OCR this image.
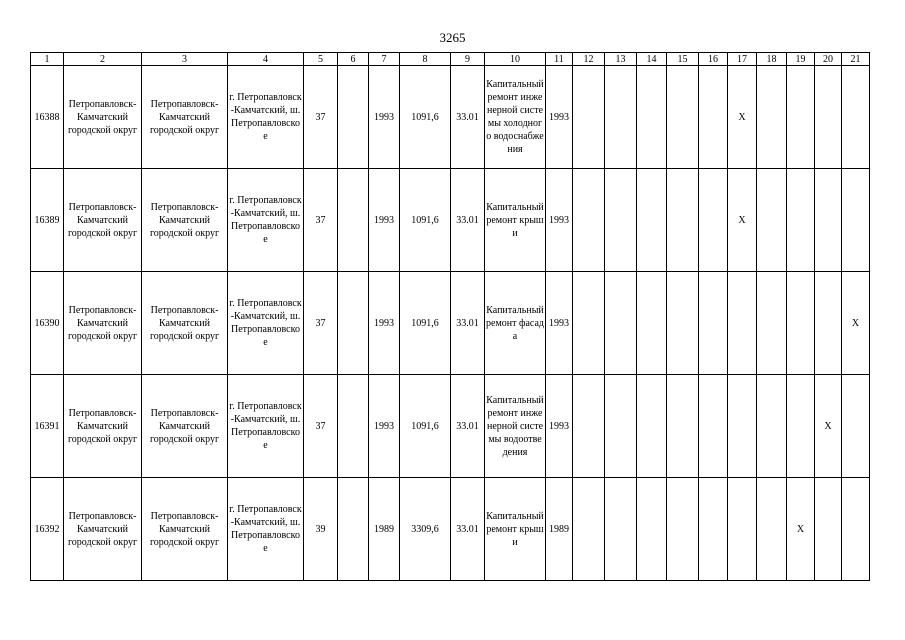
3265
1	2	3	4	5	6	7	8	9	10	11	12	13	14	15	16	17	18	19	20	21
16388	Петропавловск-Камчатский городской округ	Петропавловск-Камчатский городской округ	г. Петропавловск-Камчатский, ш. Петропавловское	37		1993	1091,6	33.01	Капитальный ремонт инженерной системы холодного водоснабжения	1993						X				
16389	Петропавловск-Камчатский городской округ	Петропавловск-Камчатский городской округ	г. Петропавловск-Камчатский, ш. Петропавловское	37		1993	1091,6	33.01	Капитальный ремонт крыши	1993						X				
16390	Петропавловск-Камчатский городской округ	Петропавловск-Камчатский городской округ	г. Петропавловск-Камчатский, ш. Петропавловское	37		1993	1091,6	33.01	Капитальный ремонт фасада	1993										X
16391	Петропавловск-Камчатский городской округ	Петропавловск-Камчатский городской округ	г. Петропавловск-Камчатский, ш. Петропавловское	37		1993	1091,6	33.01	Капитальный ремонт инженерной системы водоотведения	1993									X	
16392	Петропавловск-Камчатский городской округ	Петропавловск-Камчатский городской округ	г. Петропавловск-Камчатский, ш. Петропавловское	39		1989	3309,6	33.01	Капитальный ремонт крыши	1989								X		
